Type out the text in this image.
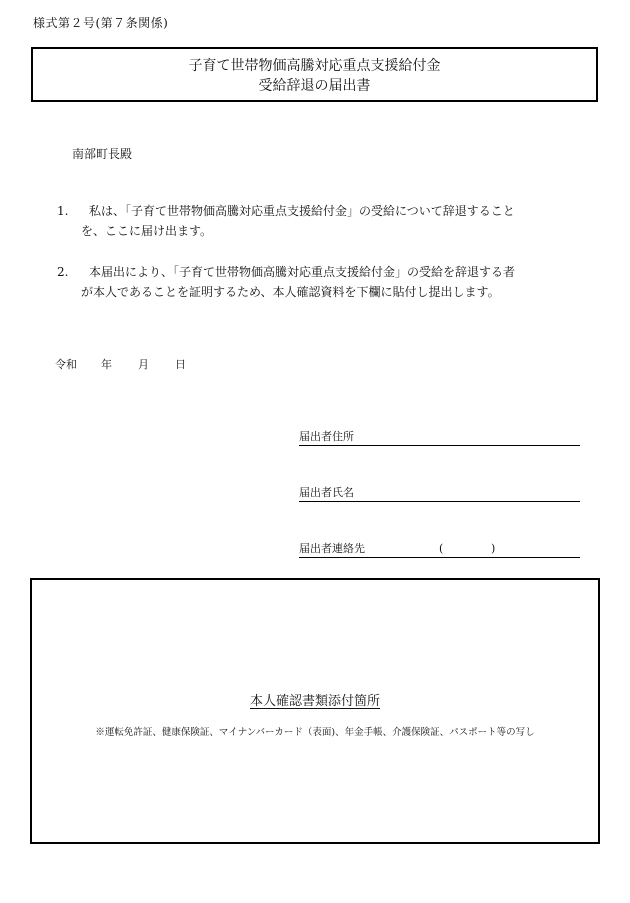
様式第２号(第７条関係)
子育て世帯物価高騰対応重点支援給付金
受給辞退の届出書
南部町長殿
1.	私は、「子育て世帯物価高騰対応重点支援給付金」の受給について辞退すること
を、ここに届け出ます。
2.	本届出により、「子育て世帯物価高騰対応重点支援給付金」の受給を辞退する者
が本人であることを証明するため、本人確認資料を下欄に貼付し提出します。
令和 年 月 日
届出者住所
届出者氏名
届出者連絡先	(	)
本人確認書類添付箇所
※運転免許証、健康保険証、マイナンバーカード（表面)、年金手帳、介護保険証、パスポート等の写し
